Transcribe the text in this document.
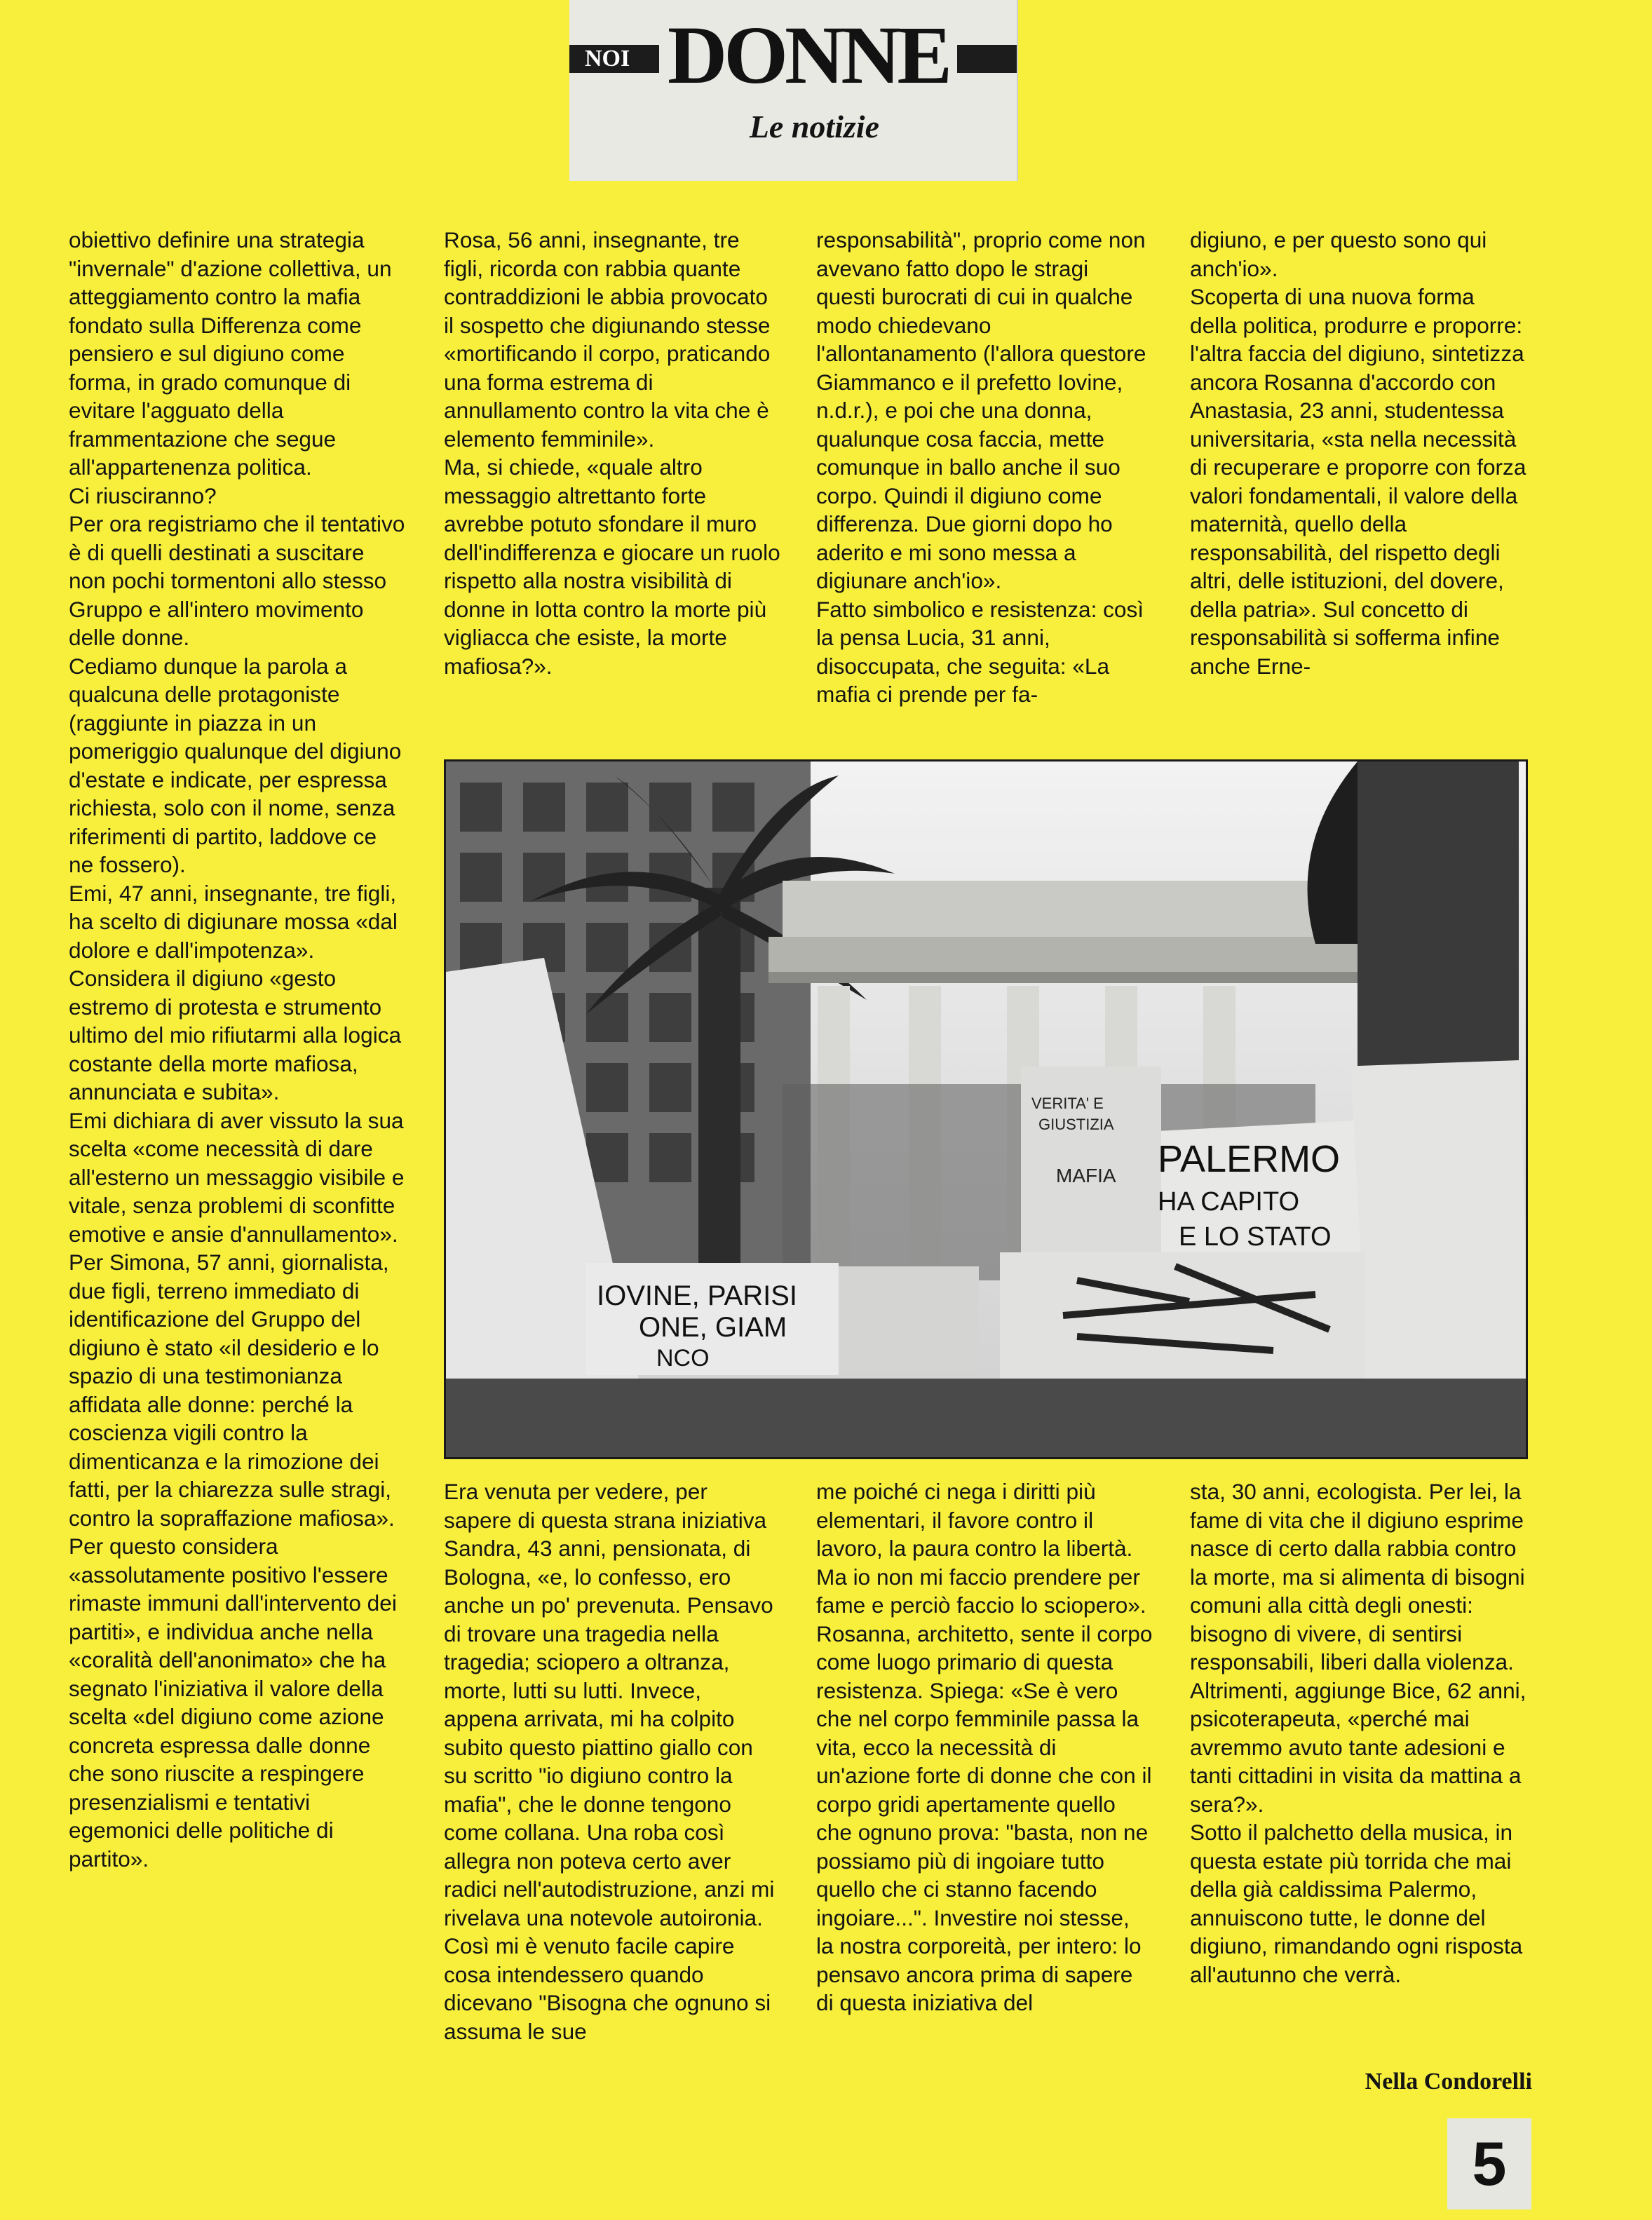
NOI DONNE
Le notizie

obiettivo definire una strategia "invernale" d'azione collettiva, un atteggiamento contro la mafia fondato sulla Differenza come pensiero e sul digiuno come forma, in grado comunque di evitare l'agguato della frammentazione che segue all'appartenenza politica.

Ci riusciranno?

Per ora registriamo che il tentativo è di quelli destinati a suscitare non pochi tormentoni allo stesso Gruppo e all'intero movimento delle donne.

Cediamo dunque la parola a qualcuna delle protagoniste (raggiunte in piazza in un pomeriggio qualunque del digiuno d'estate e indicate, per espressa richiesta, solo con il nome, senza riferimenti di partito, laddove ce ne fossero).

Emi, 47 anni, insegnante, tre figli, ha scelto di digiunare mossa «dal dolore e dall'impotenza». Considera il digiuno «gesto estremo di protesta e strumento ultimo del mio rifiutarmi alla logica costante della morte mafiosa, annunciata e subita».

Emi dichiara di aver vissuto la sua scelta «come necessità di dare all'esterno un messaggio visibile e vitale, senza problemi di sconfitte emotive e ansie d'annullamento».

Per Simona, 57 anni, giornalista, due figli, terreno immediato di identificazione del Gruppo del digiuno è stato «il desiderio e lo spazio di una testimonianza affidata alle donne: perché la coscienza vigili contro la dimenticanza e la rimozione dei fatti, per la chiarezza sulle stragi, contro la sopraffazione mafiosa».

Per questo considera «assolutamente positivo l'essere rimaste immuni dall'intervento dei partiti», e individua anche nella «coralità dell'anonimato» che ha segnato l'iniziativa il valore della scelta «del digiuno come azione concreta espressa dalle donne che sono riuscite a respingere presenzialismi e tentativi egemonici delle politiche di partito».

Rosa, 56 anni, insegnante, tre figli, ricorda con rabbia quante contraddizioni le abbia provocato il sospetto che digiunando stesse «mortificando il corpo, praticando una forma estrema di annullamento contro la vita che è elemento femminile».

Ma, si chiede, «quale altro messaggio altrettanto forte avrebbe potuto sfondare il muro dell'indifferenza e giocare un ruolo rispetto alla nostra visibilità di donne in lotta contro la morte più vigliacca che esiste, la morte mafiosa?».

responsabilità", proprio come non avevano fatto dopo le stragi questi burocrati di cui in qualche modo chiedevano l'allontanamento (l'allora questore Giammanco e il prefetto Iovine, n.d.r.), e poi che una donna, qualunque cosa faccia, mette comunque in ballo anche il suo corpo. Quindi il digiuno come differenza. Due giorni dopo ho aderito e mi sono messa a digiunare anch'io».

Fatto simbolico e resistenza: così la pensa Lucia, 31 anni, disoccupata, che seguita: «La mafia ci prende per fa-

digiuno, e per questo sono qui anch'io».

Scoperta di una nuova forma della politica, produrre e proporre: l'altra faccia del digiuno, sintetizza ancora Rosanna d'accordo con Anastasia, 23 anni, studentessa universitaria, «sta nella necessità di recuperare e proporre con forza valori fondamentali, il valore della maternità, quello della responsabilità, del rispetto degli altri, delle istituzioni, del dovere, della patria». Sul concetto di responsabilità si sofferma infine anche Erne-

PALERMO
HA CAPITO
E LO STATO
IOVINE, PARISI
ONE, GIAM
NCO
VERITA' E
GIUSTIZIA
MAFIA

Era venuta per vedere, per sapere di questa strana iniziativa Sandra, 43 anni, pensionata, di Bologna, «e, lo confesso, ero anche un po' prevenuta. Pensavo di trovare una tragedia nella tragedia; sciopero a oltranza, morte, lutti su lutti. Invece, appena arrivata, mi ha colpito subito questo piattino giallo con su scritto "io digiuno contro la mafia", che le donne tengono come collana. Una roba così allegra non poteva certo aver radici nell'autodistruzione, anzi mi rivelava una notevole autoironia. Così mi è venuto facile capire cosa intendessero quando dicevano "Bisogna che ognuno si assuma le sue

me poiché ci nega i diritti più elementari, il favore contro il lavoro, la paura contro la libertà. Ma io non mi faccio prendere per fame e perciò faccio lo sciopero».

Rosanna, architetto, sente il corpo come luogo primario di questa resistenza. Spiega: «Se è vero che nel corpo femminile passa la vita, ecco la necessità di un'azione forte di donne che con il corpo gridi apertamente quello che ognuno prova: "basta, non ne possiamo più di ingoiare tutto quello che ci stanno facendo ingoiare...". Investire noi stesse, la nostra corporeità, per intero: lo pensavo ancora prima di sapere di questa iniziativa del

sta, 30 anni, ecologista. Per lei, la fame di vita che il digiuno esprime nasce di certo dalla rabbia contro la morte, ma si alimenta di bisogni comuni alla città degli onesti: bisogno di vivere, di sentirsi responsabili, liberi dalla violenza. Altrimenti, aggiunge Bice, 62 anni, psicoterapeuta, «perché mai avremmo avuto tante adesioni e tanti cittadini in visita da mattina a sera?».

Sotto il palchetto della musica, in questa estate più torrida che mai della già caldissima Palermo, annuiscono tutte, le donne del digiuno, rimandando ogni risposta all'autunno che verrà.

Nella Condorelli
5
